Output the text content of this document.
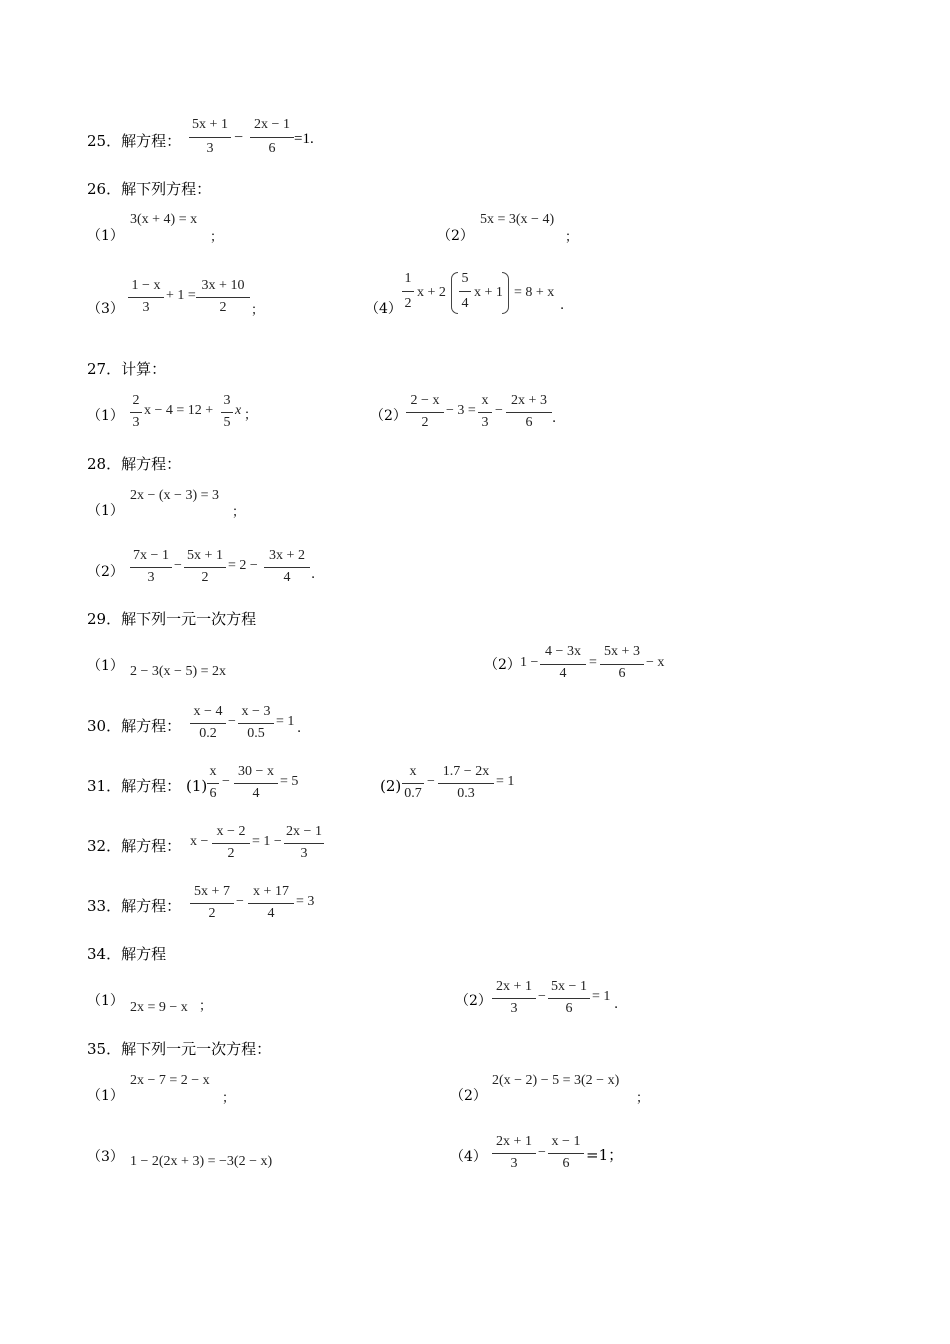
25．解方程：
5x + 1
3
−
2x − 1
6
=1.
26．解下列方程：
（1）
3(x + 4) = x
；	（2）
5x = 3(x − 4)
；
（3）
1 − x
3
+ 1 =
3x + 10
2	；	（4）
1
2
x + 2
5
4
x + 1 = 8 + x
.
27．计算：
（1）
2
3
x − 4 = 12 +
3
5
x ；	（2）
2 − x
2
− 3 =
x
3
−
2x + 3
6	.
28．解方程：
（1）
2x − (x − 3) = 3
；
（2）
7x − 1
3
−
5x + 1
2
= 2 −
3x + 2
4	.
29．解下列一元一次方程
（1） 2 − 3(x − 5) = 2x	（2） 1 −
4 − 3x
4
=
5x + 3
6
− x
30．解方程：
x − 4
0.2
−
x − 3
0.5
= 1 .
31．解方程： (1)
x
6
−
30 − x
4
= 5	(2)
x
0.7
−
1.7 − 2x
0.3
= 1
32．解方程： x −
x − 2
2
= 1 −
2x − 1
3
33．解方程：
5x + 7
2
−
x + 17
4
= 3
34．解方程
（1） 2x = 9 − x ；	（2）
2x + 1
3
−
5x − 1
6
= 1
.
35．解下列一元一次方程：
（1）
2x − 7 = 2 − x
；	（2）
2(x − 2) − 5 = 3(2 − x)
；
（3） 1 − 2(2x + 3) = −3(2 − x)	（4）
2x + 1
3
−
x − 1
6	=1；
